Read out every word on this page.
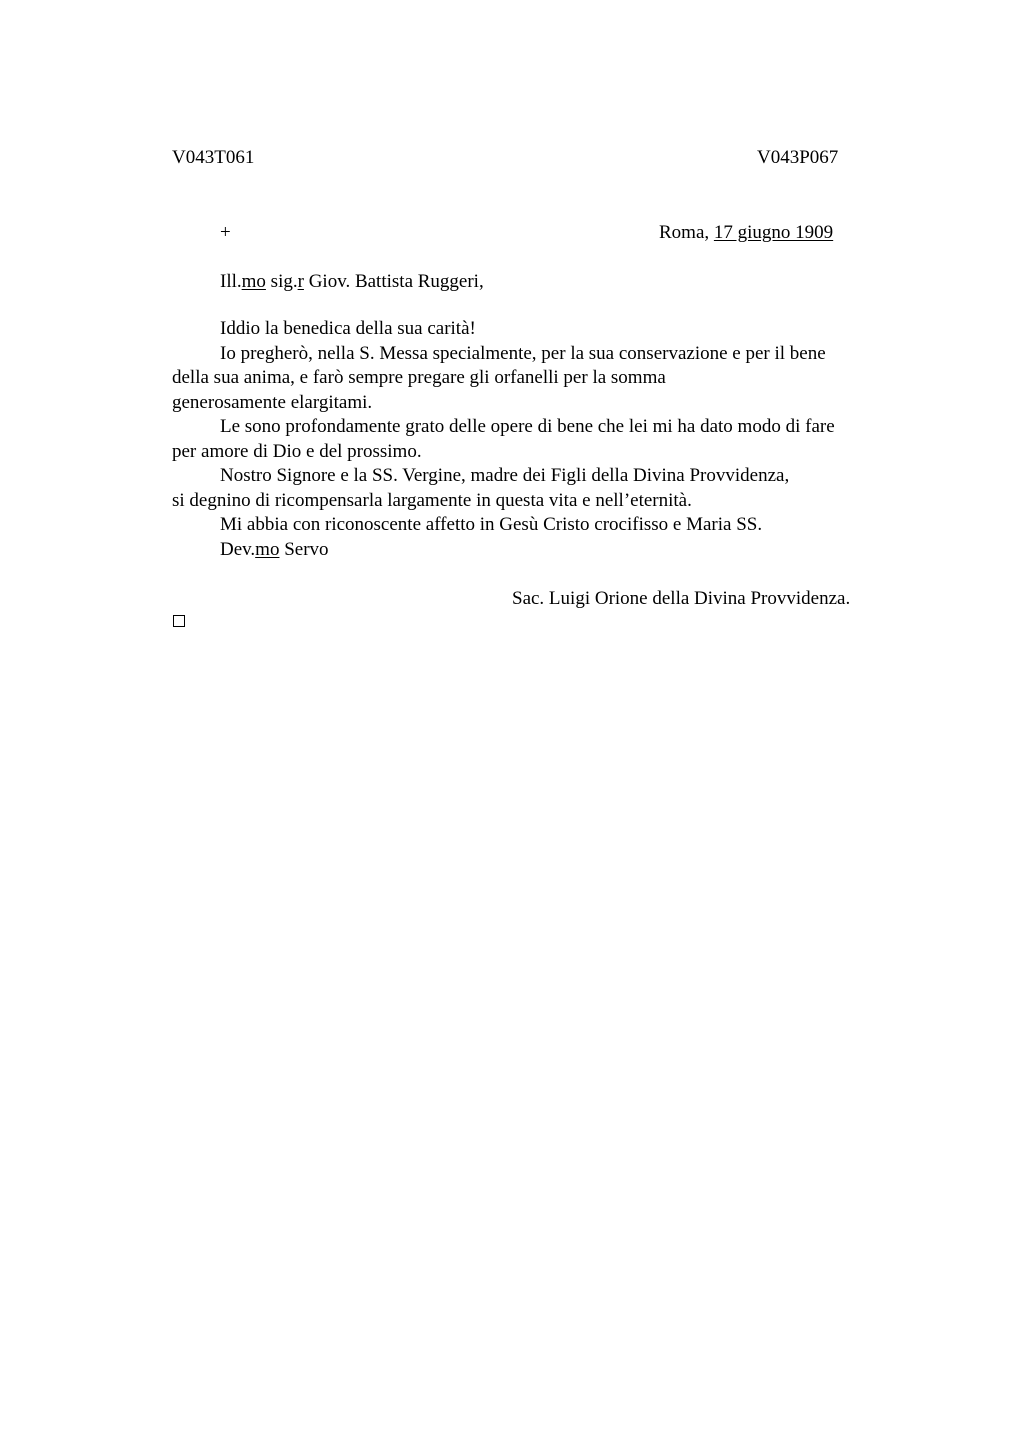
V043T061	V043P067
+	Roma, 17 giugno 1909
Ill.mo sig.r Giov. Battista Ruggeri,

Iddio la benedica della sua carità!

Io pregherò, nella S. Messa specialmente, per la sua conservazione e per il bene

della sua anima, e farò sempre pregare gli orfanelli per la somma

generosamente elargitami.

Le sono profondamente grato delle opere di bene che lei mi ha dato modo di fare

per amore di Dio e del prossimo.

Nostro Signore e la SS. Vergine, madre dei Figli della Divina Provvidenza,

si degnino di ricompensarla largamente in questa vita e nell’eternità.

Mi abbia con riconoscente affetto in Gesù Cristo crocifisso e Maria SS.

Dev.mo Servo

Sac. Luigi Orione della Divina Provvidenza.
